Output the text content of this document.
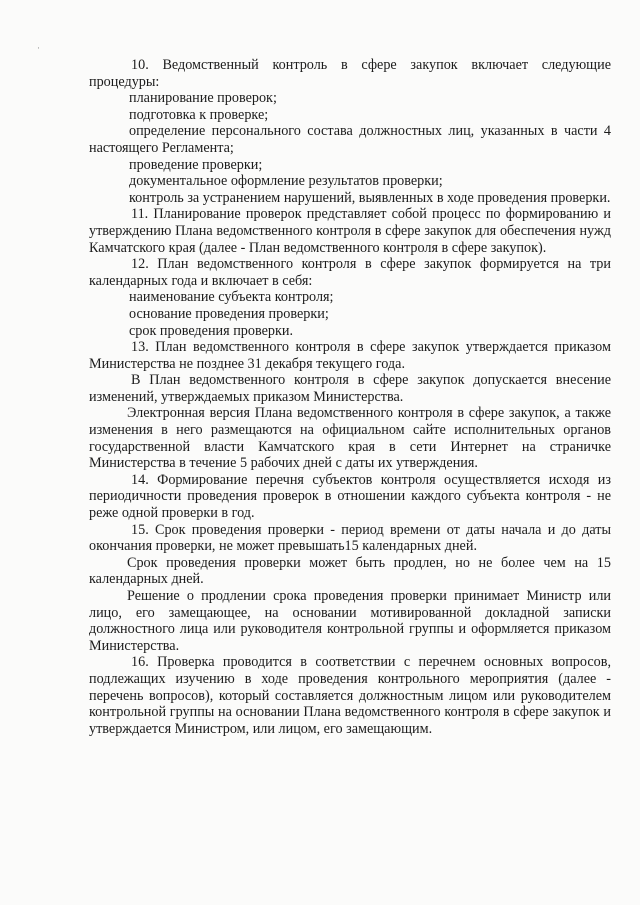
·

10. Ведомственный контроль в сфере закупок включает следующие процедуры:

планирование проверок;

подготовка к проверке;

определение персонального состава должностных лиц, указанных в части 4 настоящего Регламента;

проведение проверки;

документальное оформление результатов проверки;

контроль за устранением нарушений, выявленных в ходе проведения проверки.

11. Планирование проверок представляет собой процесс по формированию и утверждению Плана ведомственного контроля в сфере закупок для обеспечения нужд Камчатского края (далее - План ведомственного контроля в сфере закупок).

12. План ведомственного контроля в сфере закупок формируется на три календарных года и включает в себя:

наименование субъекта контроля;

основание проведения проверки;

срок проведения проверки.

13. План ведомственного контроля в сфере закупок утверждается приказом Министерства не позднее 31 декабря текущего года.

В План ведомственного контроля в сфере закупок допускается внесение изменений, утверждаемых приказом Министерства.

Электронная версия Плана ведомственного контроля в сфере закупок, а также изменения в него размещаются на официальном сайте исполнительных органов государственной власти Камчатского края в сети Интернет на страничке Министерства в течение 5 рабочих дней с даты их утверждения.

14. Формирование перечня субъектов контроля осуществляется исходя из периодичности проведения проверок в отношении каждого субъекта контроля - не реже одной проверки в год.

15. Срок проведения проверки - период времени от даты начала и до даты окончания проверки, не может превышать15 календарных дней.

Срок проведения проверки может быть продлен, но не более чем на 15 календарных дней.

Решение о продлении срока проведения проверки принимает Министр или лицо, его замещающее, на основании мотивированной докладной записки должностного лица или руководителя контрольной группы и оформляется приказом Министерства.

16. Проверка проводится в соответствии с перечнем основных вопросов, подлежащих изучению в ходе проведения контрольного мероприятия (далее - перечень вопросов), который составляется должностным лицом или руководителем контрольной группы на основании Плана ведомственного контроля в сфере закупок и утверждается Министром, или лицом, его замещающим.
